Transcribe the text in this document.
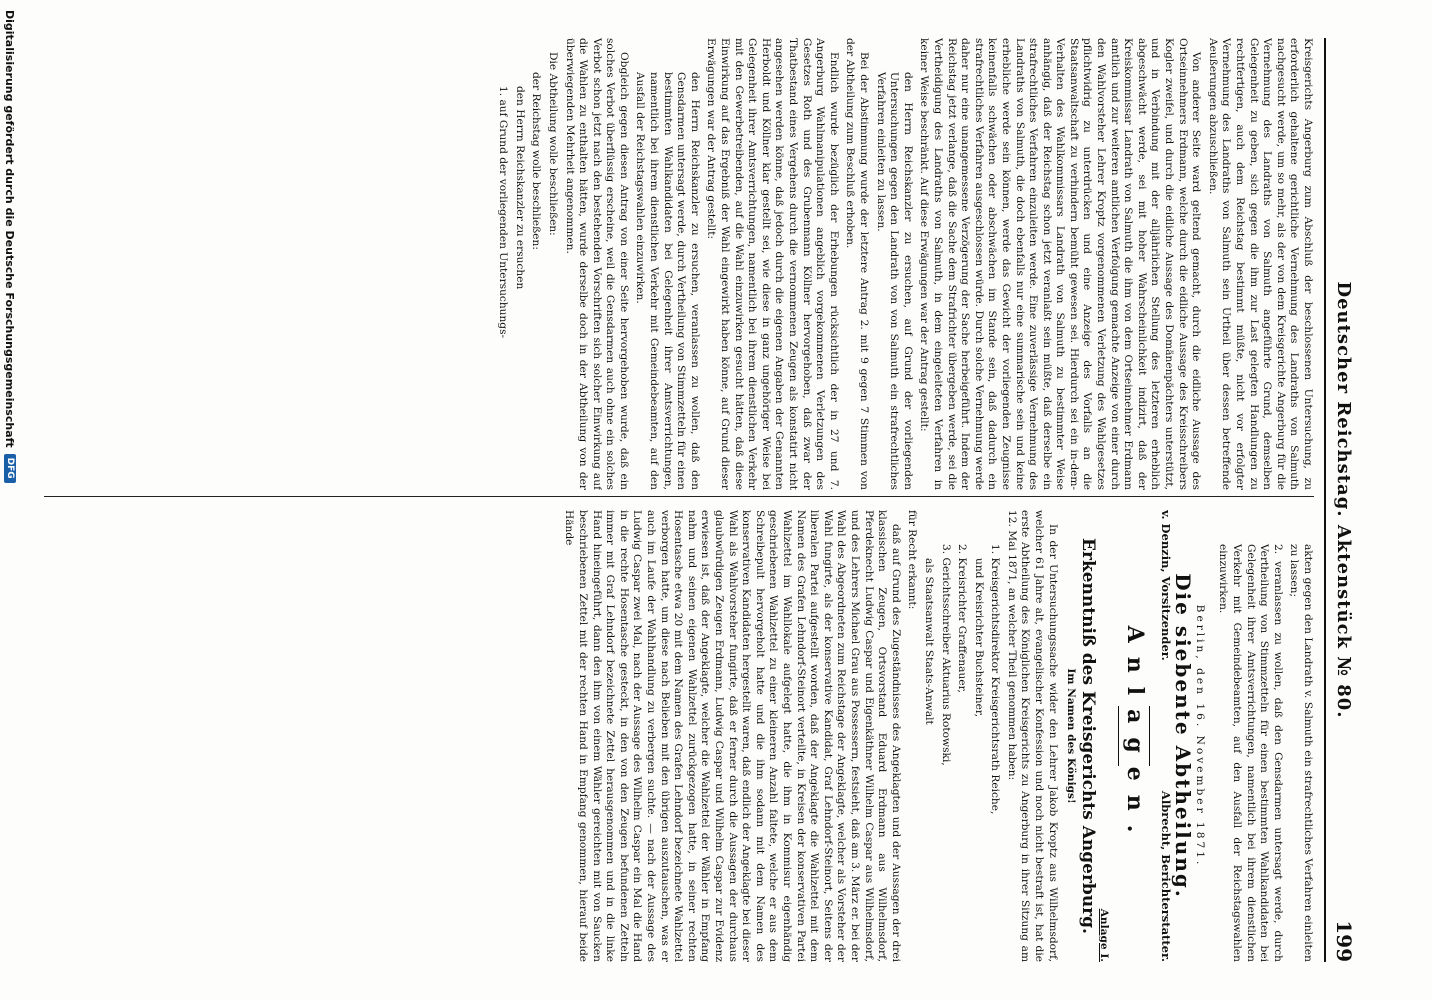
Deutscher Reichstag. Aktenstück № 80.
199

Kreisgerichts Angerburg zum Abschluß der beschlossenen Untersuchung, zu erforderlich gehaltene gerichtliche Vernehmung des Landraths von Salmuth nachgesucht werde, um so mehr, als der von dem Kreisgerichte Angerburg für die Vernehmung des Landraths von Salmuth angeführte Grund, demselben Gelegenheit zu geben, sich gegen die ihm zur Last gelegten Handlungen zu rechtfertigen, auch dem Reichstag bestimmt müßte, nicht vor erfolgter Vernehmung des Landraths von Salmuth sein Urtheil über dessen betreffende Aeußerungen abzuschließen.

Von anderer Seite ward geltend gemacht, durch die eidliche Aussage des Ortseinnehmers Erdmann, welche durch die eidliche Aussage des Kreisschreibers Kogler zweifel, und durch die eidliche Aussage des Domänenpächters unterstützt, und in Verbindung mit der alljährlichen Stellung des letzteren erheblich abgeschwächt werde, sei mit hoher Wahrscheinlichkeit indizirt, daß der Kreiskommissar Landrath von Salmuth die ihm von dem Ortseinnehmer Erdmann amtlich und zur weiteren amtlichen Verfolgung gemachte Anzeige von einer durch den Wahlvorsteher Lehrer Kroptz vorgenommenen Verletzung des Wahlgesetzes pflichtwidrig zu unterdrücken und eine Anzeige des Vorfalls an die Staatsanwaltschaft zu verhindern bemüht gewesen sei. Hierdurch sei ein in-dem-Verhalten des Wahlkommissars Landrath von Salmuth zu bestimmter Weise anhängig, daß der Reichstag schon jetzt veranlaßt sein müßte, daß derselbe ein strafrechtliches Verfahren einzuleiten werde. Eine zuverlässige Vernehmung des Landraths von Salmuth, die doch ebenfalls nur eine summarische sein und keine erhebliche werde sein können, werde das Gewicht der vorliegenden Zeugnisse keinenfalls schwächen oder abschwächen im Stande sein, daß dadurch ein strafrechtliches Verfahren ausgeschlossen würde. Durch solche Vernehmung werde daher nur eine unangemessene Verzögerung der Sache herbeigeführt. Indem der Reichstag jetzt verlange, daß die Sache dem Strafrichter übergeben werde, sei die Vertheidigung des Landraths von Salmuth, in dem eingeleiteten Verfahren in keiner Weise beschränkt. Auf diese Erwägungen war der Antrag gestellt:

den Herrn Reichskanzler zu ersuchen, auf Grund der vorliegenden Untersuchungen gegen den Landrath von von Salmuth ein strafrechtliches Verfahren einleiten zu lassen.

Bei der Abstimmung wurde der letztere Antrag 2. mit 9 gegen 7 Stimmen von der Abtheilung zum Beschluß erhoben.

Endlich wurde bezüglich der Erhebungen rücksichtlich der in 27 und 7. Angerburg Wahlmanipulationen angeblich vorgekommenen Verletzungen des Gesetzes Roth und des Grubenmann Köllner hervorgehoben, daß zwar der Thatbestand eines Vergehens durch die vernommenen Zeugen als konstatirt nicht angesehen werden könne, daß jedoch durch die eigenen Angaben der Genannten Herboldt und Köllner klar gestellt sei, wie diese in ganz ungehöriger Weise bei Gelegenheit ihrer Amtsverrichtungen, namentlich bei ihrem dienstlichen Verkehr mit den Gewerbetreibenden, auf die Wahl einzuwirken gesucht hätten, daß diese Einwirkung auf das Ergebniß der Wahl eingewirkt haben könne, auf Grund dieser Erwägungen war der Antrag gestellt:

den Herrn Reichskanzler zu ersuchen, veranlassen zu wollen, daß den Gensdarmen untersagt werde, durch Vertheilung von Stimmzetteln für einen bestimmten Wahlkandidaten bei Gelegenheit ihrer Amtsverrichtungen, namentlich bei ihrem dienstlichen Verkehr mit Gemeindebeamten, auf den Ausfall der Reichstagswahlen einzuwirken.

Obgleich gegen diesen Antrag von einer Seite hervorgehoben wurde, daß ein solches Verbot überflüssig erscheine, weil die Gensdarmen auch ohne ein solches Verbot schon jetzt nach den bestehenden Vorschriften sich solcher Einwirkung auf die Wahlen zu enthalten hätten, wurde derselbe doch in der Abtheilung von der überwiegenden Mehrheit angenommen.

Die Abtheilung wolle beschließen:

der Reichstag wolle beschließen:

den Herrn Reichskanzler zu ersuchen

1. auf Grund der vorliegenden Untersuchungs-

akten gegen den Landrath v. Salmuth ein strafrechtliches Verfahren einleiten zu lassen;

2. veranlassen zu wollen, daß den Gensdarmen untersagt werde, durch Vertheilung von Stimmzetteln für einen bestimmten Wahlkandidaten bei Gelegenheit ihrer Amtsverrichtungen, namentlich bei ihrem dienstlichen Verkehr mit Gemeindebeamten, auf den Ausfall der Reichstagswahlen einzuwirken.

Berlin, den 16. November 1871.

Die siebente Abtheilung.

v. Denzin, Vorsitzender.
Albrecht, Berichterstatter.

Anlagen.

Anlage I.

Erkenntniß des Kreisgerichts Angerburg.

Im Namen des Königs!

In der Untersuchungssache wider den Lehrer Jakob Kroptz aus Wilhelmsdorf, welcher 61 Jahre alt, evangelischer Konfession und noch nicht bestraft ist, hat die erste Abtheilung des Königlichen Kreisgerichts zu Angerburg in ihrer Sitzung am 12. Mai 1871, an welcher Theil genommen haben:

1. Kreisgerichtsdirektor Kreisgerichtsrath Reiche,

und Kreisrichter Buchsteiner,

2. Kreisrichter Graffenauer,

3. Gerichtsschreiber Aktuarius Rotowski,

als Staatsanwalt Staats-Anwalt

für Recht erkannt:

daß auf Grund des Zugeständnisses des Angeklagten und der Aussagen der drei klassischen Zeugen, Ortsvorstand Eduard Erdmann aus Wilhelmsdorf, Pferdeknecht Ludwig Caspar und Eigenkäthner Wilhelm Caspar aus Wilhelmsdorf, und des Lehrers Michael Grau aus Possessern, festsieht, daß am 3. März er. bei der Wahl des Abgeordneten zum Reichstage der Angeklagte, welcher als Vorsteher der Wahl fungirte, als der konservative Kandidat, Graf Lehndorf-Steinort, Seitens der liberalen Partei aufgestellt worden, daß der Angeklagte die Wahlzettel mit dem Namen des Grafen Lehndorf-Steinort verteilte, in Kreisen der konservativen Partei Wahlzettel im Wahllokale aufgelegt hatte, die ihm in Kommisur eigenhändig geschriebenen Wahlzettel zu einer kleineren Anzahl faltete, welche er aus dem Schreibepult hervorgeholt hatte und die ihm sodann mit dem Namen des konservativen Kandidaten hergestellt waren, daß endlich der Angeklagte bei dieser Wahl als Wahlvorsteher fungirte, daß er ferner durch die Aussagen der durchaus glaubwürdigen Zeugen Erdmann, Ludwig Caspar und Wilhelm Caspar zur Evidenz erwiesen ist, daß der Angeklagte, welcher die Wahlzettel der Wähler in Empfang nahm und seinen eigenen Wahlzettel zurückgezogen hatte, in seiner rechten Hosentasche etwa 20 mit dem Namen des Grafen Lehndorf bezeichnete Wahlzettel verborgen hatte, um diese nach Belieben mit den übrigen auszutauschen, was er auch im Laufe der Wahlhandlung zu verbergen suchte. — nach der Aussage des Ludwig Caspar zwei Mal, nach der Aussage des Wilhelm Caspar ein Mal die Hand in die rechte Hosentasche gesteckt, in den von den Zeugen befundenen Zetteln immer mit Graf Lehndorf bezeichnete Zettel herausgenommen und in die linke Hand hineingeführt, dann den ihm von einem Wähler gereichten mit von Saucken beschriebenen Zettel mit der rechten Hand in Empfang genommen, hierauf beide Hände

Digitalisierung gefördert durch die Deutsche Forschungsgemeinschaft
DFG
